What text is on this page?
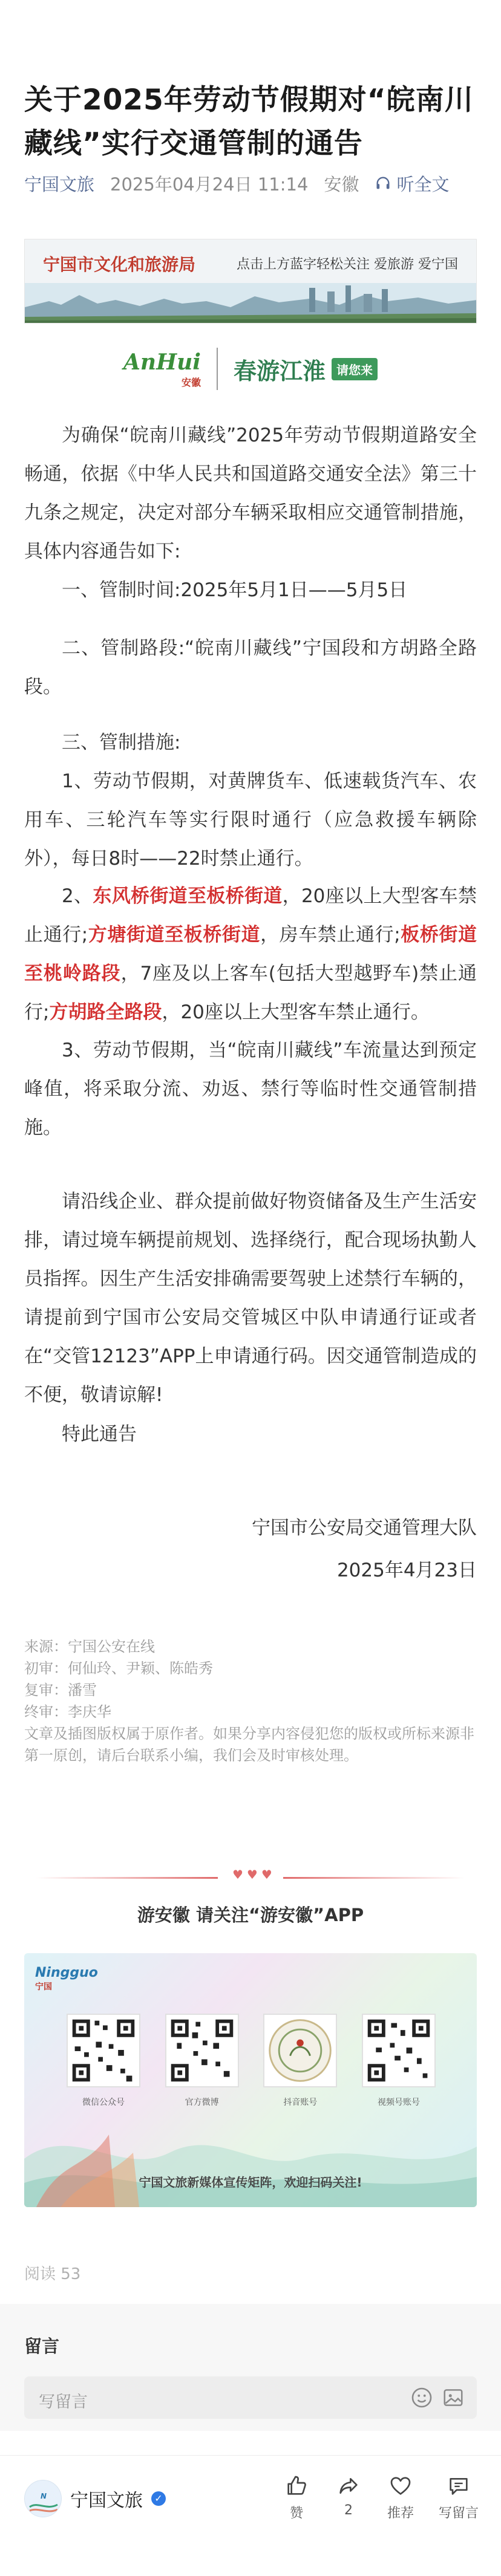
关于2025年劳动节假期对“皖南川藏线”实行交通管制的通告
宁国文旅 2025年04月24日 11:14 安徽 听全文
宁国市文化和旅游局	点击上方蓝字轻松关注 爱旅游 爱宁国
AnHui
安徽 春游江淮 请您来
为确保“皖南川藏线”2025年劳动节假期道路安全畅通，依据《中华人民共和国道路交通安全法》第三十九条之规定，决定对部分车辆采取相应交通管制措施，具体内容通告如下:
一、管制时间:2025年5月1日——5月5日
二、管制路段:“皖南川藏线”宁国段和方胡路全路段。
三、管制措施:
1、劳动节假期，对黄牌货车、低速载货汽车、农用车、三轮汽车等实行限时通行（应急救援车辆除外），每日8时——22时禁止通行。
2、东风桥街道至板桥街道，20座以上大型客车禁止通行;方塘街道至板桥街道，房车禁止通行;板桥街道至桃岭路段，7座及以上客车(包括大型越野车)禁止通行;方胡路全路段，20座以上大型客车禁止通行。
3、劳动节假期，当“皖南川藏线”车流量达到预定峰值，将采取分流、劝返、禁行等临时性交通管制措施。
请沿线企业、群众提前做好物资储备及生产生活安排，请过境车辆提前规划、选择绕行，配合现场执勤人员指挥。因生产生活安排确需要驾驶上述禁行车辆的，请提前到宁国市公安局交管城区中队申请通行证或者在“交管12123”APP上申请通行码。因交通管制造成的不便，敬请谅解!
特此通告
宁国市公安局交通管理大队
2025年4月23日
来源：宁国公安在线
初审：何仙玲、尹颖、陈皓秀
复审：潘雪
终审：李庆华
文章及插图版权属于原作者。如果分享内容侵犯您的版权或所标来源非第一原创，请后台联系小编，我们会及时审核处理。
♥♥♥
游安徽 请关注“游安徽”APP
Ningguo
宁国
微信公众号	官方微博	抖音账号	视频号账号
宁国文旅新媒体宣传矩阵，欢迎扫码关注!
阅读 53
留言
写留言
N 宁国文旅	✓
赞	2	推荐	写留言
